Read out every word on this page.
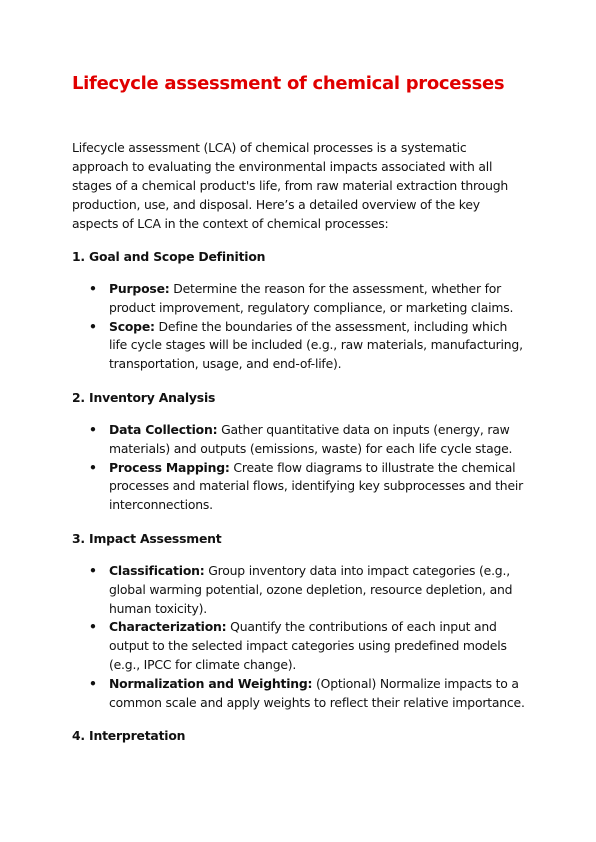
Lifecycle assessment of chemical processes

Lifecycle assessment (LCA) of chemical processes is a systematic approach to evaluating the environmental impacts associated with all stages of a chemical product's life, from raw material extraction through production, use, and disposal. Here’s a detailed overview of the key aspects of LCA in the context of chemical processes:

1. Goal and Scope Definition
• Purpose: Determine the reason for the assessment, whether for product improvement, regulatory compliance, or marketing claims.
• Scope: Define the boundaries of the assessment, including which life cycle stages will be included (e.g., raw materials, manufacturing, transportation, usage, and end-of-life).
2. Inventory Analysis
• Data Collection: Gather quantitative data on inputs (energy, raw materials) and outputs (emissions, waste) for each life cycle stage.
• Process Mapping: Create flow diagrams to illustrate the chemical processes and material flows, identifying key subprocesses and their interconnections.
3. Impact Assessment
• Classification: Group inventory data into impact categories (e.g., global warming potential, ozone depletion, resource depletion, and human toxicity).
• Characterization: Quantify the contributions of each input and output to the selected impact categories using predefined models (e.g., IPCC for climate change).
• Normalization and Weighting: (Optional) Normalize impacts to a common scale and apply weights to reflect their relative importance.
4. Interpretation
